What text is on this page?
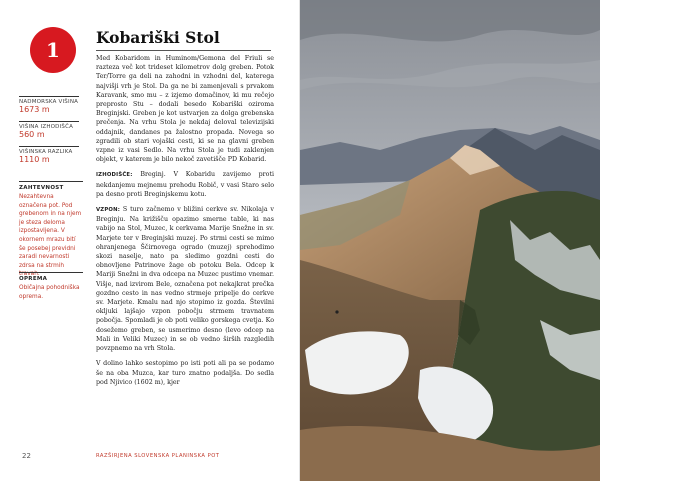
1
NADMORSKA VIŠINA
1673 m
VIŠINA IZHODIŠČA
560 m
VIŠINSKA RAZLIKA
1110 m
ZAHTEVNOST
Nezahtevna označena pot. Pod grebenom in na njem je steza deloma izpostavljena. V okornem mrazu bití še posebej previdni zaradi nevarnosti zdrsa na strmih travah.
OPREMA
Običajna pohodniška oprema.
Kobariški Stol

Med Kobaridom in Huminom/Gemona del Friuli se razteza več kot trideset kilometrov dolg greben. Potok Ter/Torre ga deli na zahodni in vzhodni del, katerega najvišji vrh je Stol. Da ga ne bi zamenjevali s prvakom Karavank, smo mu – z izjemo domačinov, ki mu rečejo preprosto Stu – dodali besedo Kobariški oziroma Breginjski. Greben je kot ustvarjen za dolga grebenska prečenja. Na vrhu Stola je nekdaj deloval televizijski oddajnik, dandanes pa žalostno propada. Novega so zgradili ob stari vojaški cesti, ki se na glavni greben vzpne iz vasi Sedlo. Na vrhu Stola je tudi zaklenjen objekt, v katerem je bilo nekoč zavetišče PD Kobarid.

IZHODIŠČE: Breginj. V Kobaridu zavijemo proti nekdanjemu mejnemu prehodu Robič, v vasi Staro selo pa desno proti Breginjskemu kotu.

VZPON: S turo začnemo v bližini cerkve sv. Nikolaja v Breginju. Na križišču opazimo smerne table, ki nas vabijo na Stol, Muzec, k cerkvama Marije Snežne in sv. Marjete ter v Breginjski muzej. Po strmi cesti se mimo ohranjenega Ščirnovega ogrado (muzej) sprehodimo skozi naselje, nato pa sledimo gozdni cesti do obnovljene Patrinove žage ob potoku Bela. Odcep k Mariji Snežni in dva odcepa na Muzec pustimo vnemar. Višje, nad izvirom Bele, označena pot nekajkrat prečka gozdno cesto in nas vedno strmeje pripelje do cerkve sv. Marjete. Kmalu nad njo stopimo iz gozda. Številni okljuki lajšajo vzpon pobočju strmem travnatem pobočja. Spomladi je ob poti veliko gorskega cvetja. Ko dosežemo greben, se usmerimo desno (levo odcep na Mali in Veliki Muzec) in se ob vedno širših razgledih povzpnemo na vrh Stola.

V dolino lahko sestopimo po isti poti ali pa se podamo še na oba Muzca, kar turo znatno podaljša. Do sedla pod Njivico (1602 m), kjer

22	RAZŠIRJENA SLOVENSKA PLANINSKA POT
Greben od Stola
proti zahodu
